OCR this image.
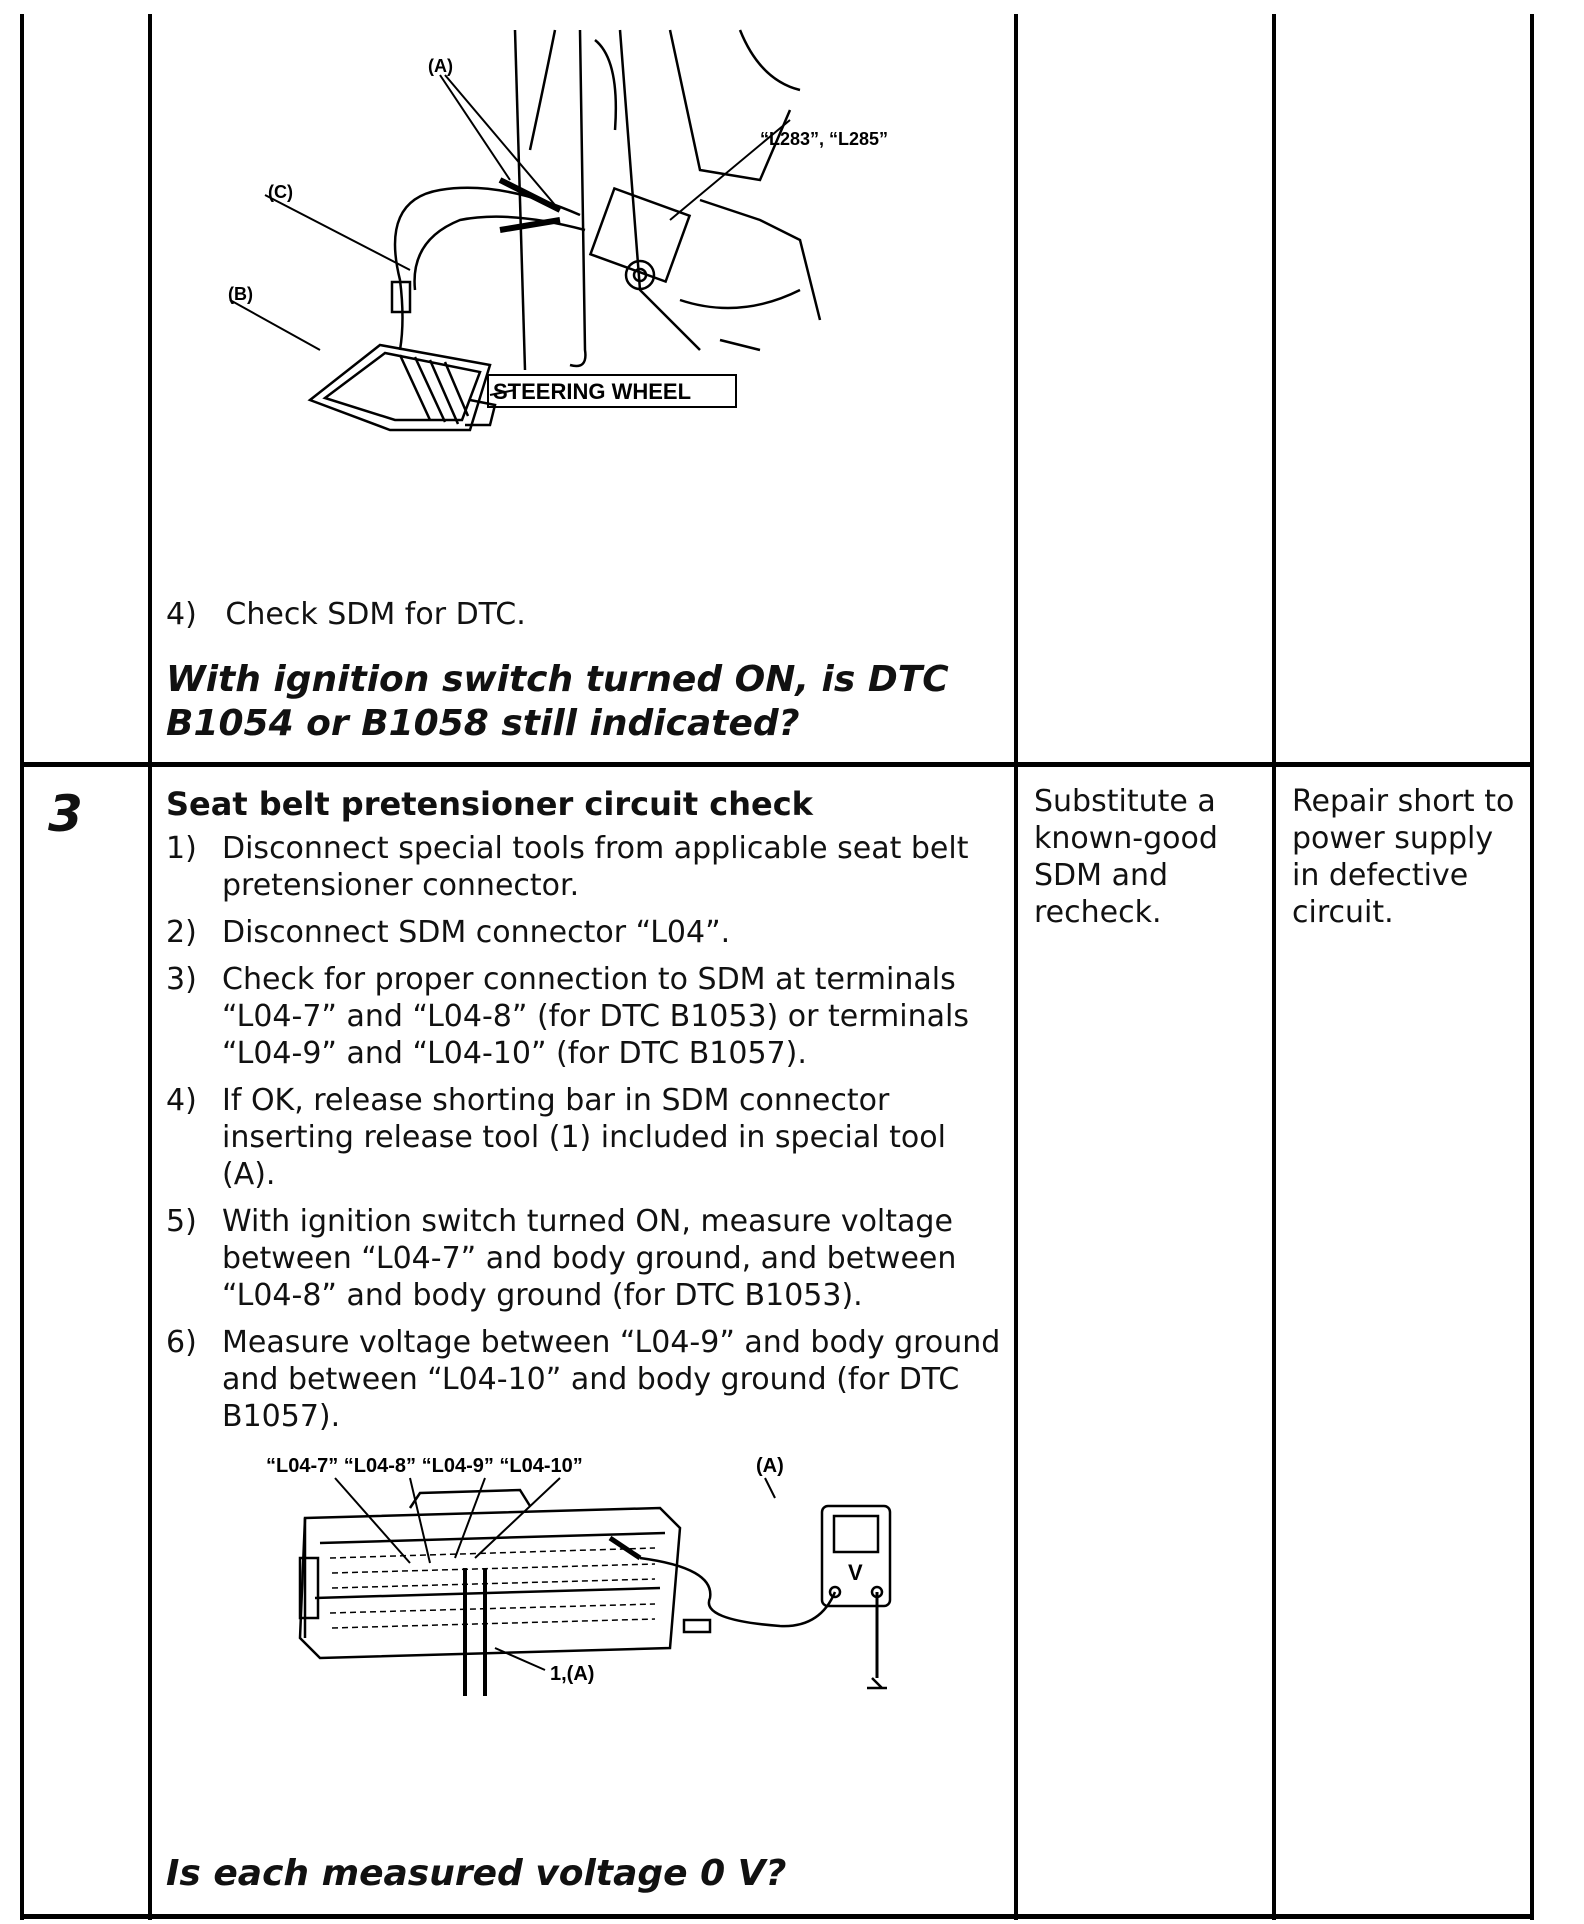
(A)
(C)
(B)
“L283”, “L285”
STEERING WHEEL
4) Check SDM for DTC.
With ignition switch turned ON, is DTC
B1054 or B1058 still indicated?
3	Seat belt pretensioner circuit check
1) Disconnect special tools from applicable seat belt pretensioner connector.
2) Disconnect SDM connector “L04”.
3) Check for proper connection to SDM at terminals “L04-7” and “L04-8” (for DTC B1053) or terminals “L04-9” and “L04-10” (for DTC B1057).
4) If OK, release shorting bar in SDM connector inserting release tool (1) included in special tool (A).
5) With ignition switch turned ON, measure voltage between “L04-7” and body ground, and between “L04-8” and body ground (for DTC B1053).
6) Measure voltage between “L04-9” and body ground and between “L04-10” and body ground (for DTC B1057).
“L04-7” “L04-8” “L04-9” “L04-10”	(A)
V
1,(A)
Is each measured voltage 0 V?
Substitute a known-good SDM and recheck.
Repair short to power supply in defective circuit.
